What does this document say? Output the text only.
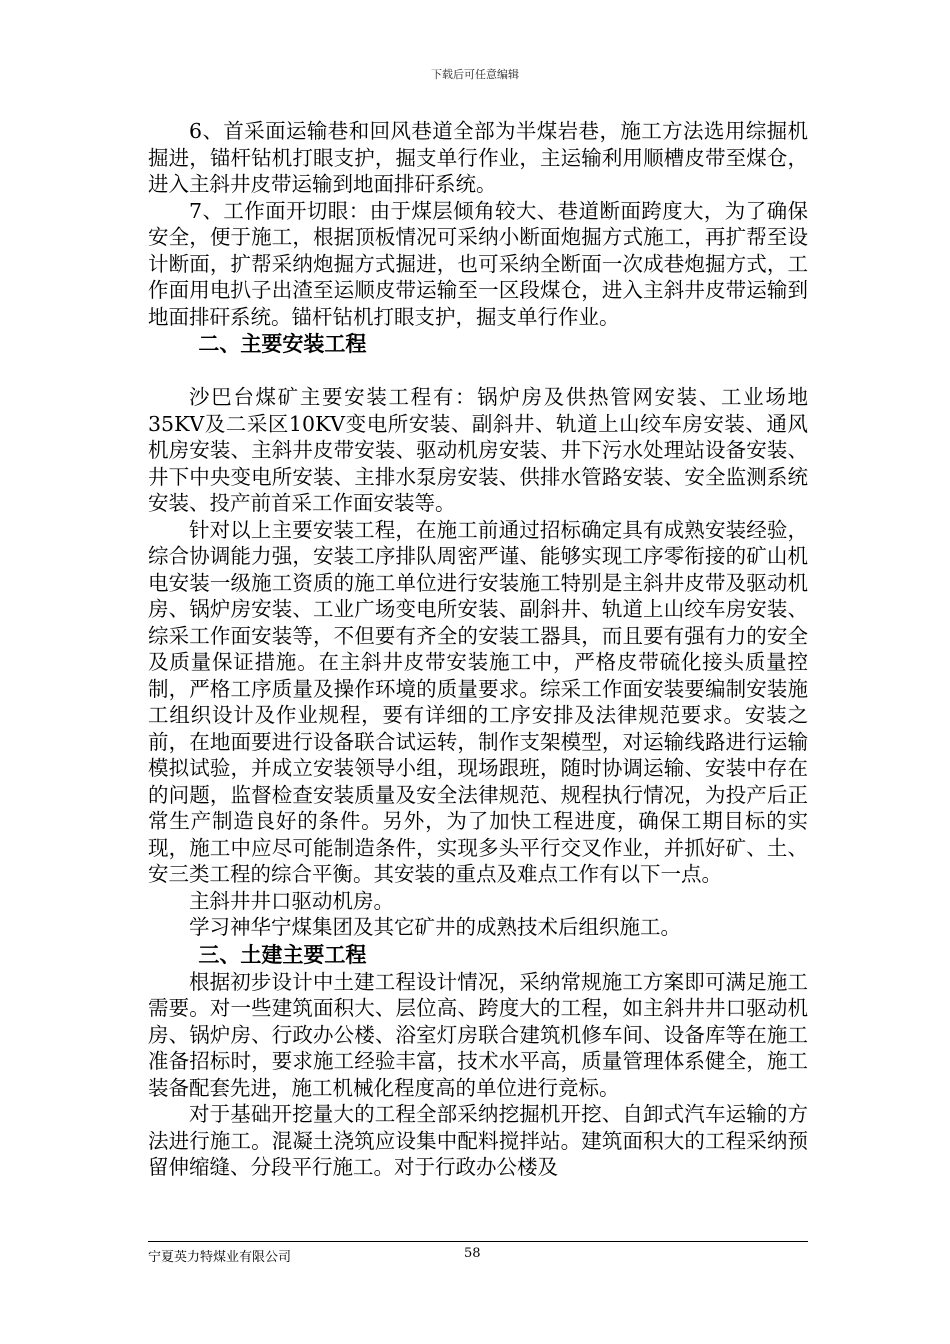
下载后可任意编辑

6、首采面运输巷和回风巷道全部为半煤岩巷，施工方法选用综掘机掘进，锚杆钻机打眼支护，掘支单行作业，主运输利用顺槽皮带至煤仓，进入主斜井皮带运输到地面排矸系统。

7、工作面开切眼：由于煤层倾角较大、巷道断面跨度大，为了确保安全，便于施工，根据顶板情况可采纳小断面炮掘方式施工，再扩帮至设计断面，扩帮采纳炮掘方式掘进，也可采纳全断面一次成巷炮掘方式，工作面用电扒子出渣至运顺皮带运输至一区段煤仓，进入主斜井皮带运输到地面排矸系统。锚杆钻机打眼支护，掘支单行作业。

二、主要安装工程

沙巴台煤矿主要安装工程有：锅炉房及供热管网安装、工业场地35KV及二采区10KV变电所安装、副斜井、轨道上山绞车房安装、通风机房安装、主斜井皮带安装、驱动机房安装、井下污水处理站设备安装、井下中央变电所安装、主排水泵房安装、供排水管路安装、安全监测系统安装、投产前首采工作面安装等。

针对以上主要安装工程，在施工前通过招标确定具有成熟安装经验，综合协调能力强，安装工序排队周密严谨、能够实现工序零衔接的矿山机电安装一级施工资质的施工单位进行安装施工特别是主斜井皮带及驱动机房、锅炉房安装、工业广场变电所安装、副斜井、轨道上山绞车房安装、综采工作面安装等，不但要有齐全的安装工器具，而且要有强有力的安全及质量保证措施。在主斜井皮带安装施工中，严格皮带硫化接头质量控制，严格工序质量及操作环境的质量要求。综采工作面安装要编制安装施工组织设计及作业规程，要有详细的工序安排及法律规范要求。安装之前，在地面要进行设备联合试运转，制作支架模型，对运输线路进行运输模拟试验，并成立安装领导小组，现场跟班，随时协调运输、安装中存在的问题，监督检查安装质量及安全法律规范、规程执行情况，为投产后正常生产制造良好的条件。另外，为了加快工程进度，确保工期目标的实现，施工中应尽可能制造条件，实现多头平行交叉作业，并抓好矿、土、安三类工程的综合平衡。其安装的重点及难点工作有以下一点。

主斜井井口驱动机房。

学习神华宁煤集团及其它矿井的成熟技术后组织施工。

三、土建主要工程

根据初步设计中土建工程设计情况，采纳常规施工方案即可满足施工需要。对一些建筑面积大、层位高、跨度大的工程，如主斜井井口驱动机房、锅炉房、行政办公楼、浴室灯房联合建筑机修车间、设备库等在施工准备招标时，要求施工经验丰富，技术水平高，质量管理体系健全，施工装备配套先进，施工机械化程度高的单位进行竞标。

对于基础开挖量大的工程全部采纳挖掘机开挖、自卸式汽车运输的方法进行施工。混凝土浇筑应设集中配料搅拌站。建筑面积大的工程采纳预留伸缩缝、分段平行施工。对于行政办公楼及

宁夏英力特煤业有限公司	58
